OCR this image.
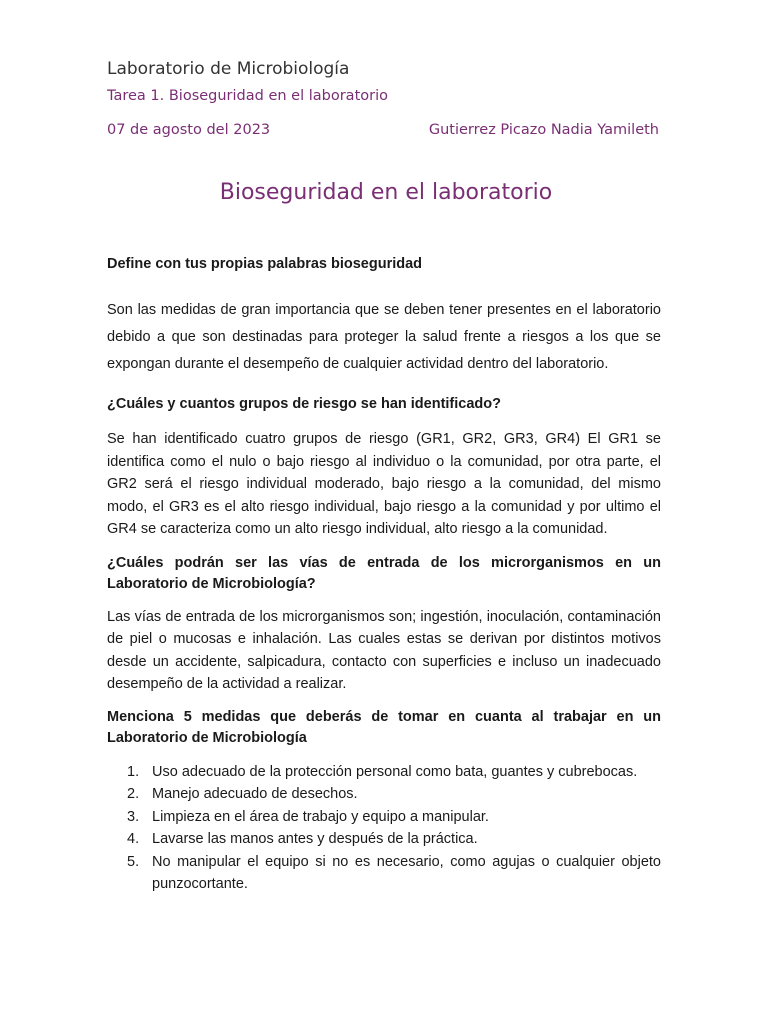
Laboratorio de Microbiología
Tarea 1. Bioseguridad en el laboratorio
07 de agosto del 2023	Gutierrez Picazo Nadia Yamileth
Bioseguridad en el laboratorio

Define con tus propias palabras bioseguridad

Son las medidas de gran importancia que se deben tener presentes en el laboratorio debido a que son destinadas para proteger la salud frente a riesgos a los que se expongan durante el desempeño de cualquier actividad dentro del laboratorio.

¿Cuáles y cuantos grupos de riesgo se han identificado?

Se han identificado cuatro grupos de riesgo (GR1, GR2, GR3, GR4) El GR1 se identifica como el nulo o bajo riesgo al individuo o la comunidad, por otra parte, el GR2 será el riesgo individual moderado, bajo riesgo a la comunidad, del mismo modo, el GR3 es el alto riesgo individual, bajo riesgo a la comunidad y por ultimo el GR4 se caracteriza como un alto riesgo individual, alto riesgo a la comunidad.

¿Cuáles podrán ser las vías de entrada de los microrganismos en un Laboratorio de Microbiología?

Las vías de entrada de los microrganismos son; ingestión, inoculación, contaminación de piel o mucosas e inhalación. Las cuales estas se derivan por distintos motivos desde un accidente, salpicadura, contacto con superficies e incluso un inadecuado desempeño de la actividad a realizar.

Menciona 5 medidas que deberás de tomar en cuanta al trabajar en un Laboratorio de Microbiología

1. Uso adecuado de la protección personal como bata, guantes y cubrebocas.
2. Manejo adecuado de desechos.
3. Limpieza en el área de trabajo y equipo a manipular.
4. Lavarse las manos antes y después de la práctica.
5. No manipular el equipo si no es necesario, como agujas o cualquier objeto punzocortante.
